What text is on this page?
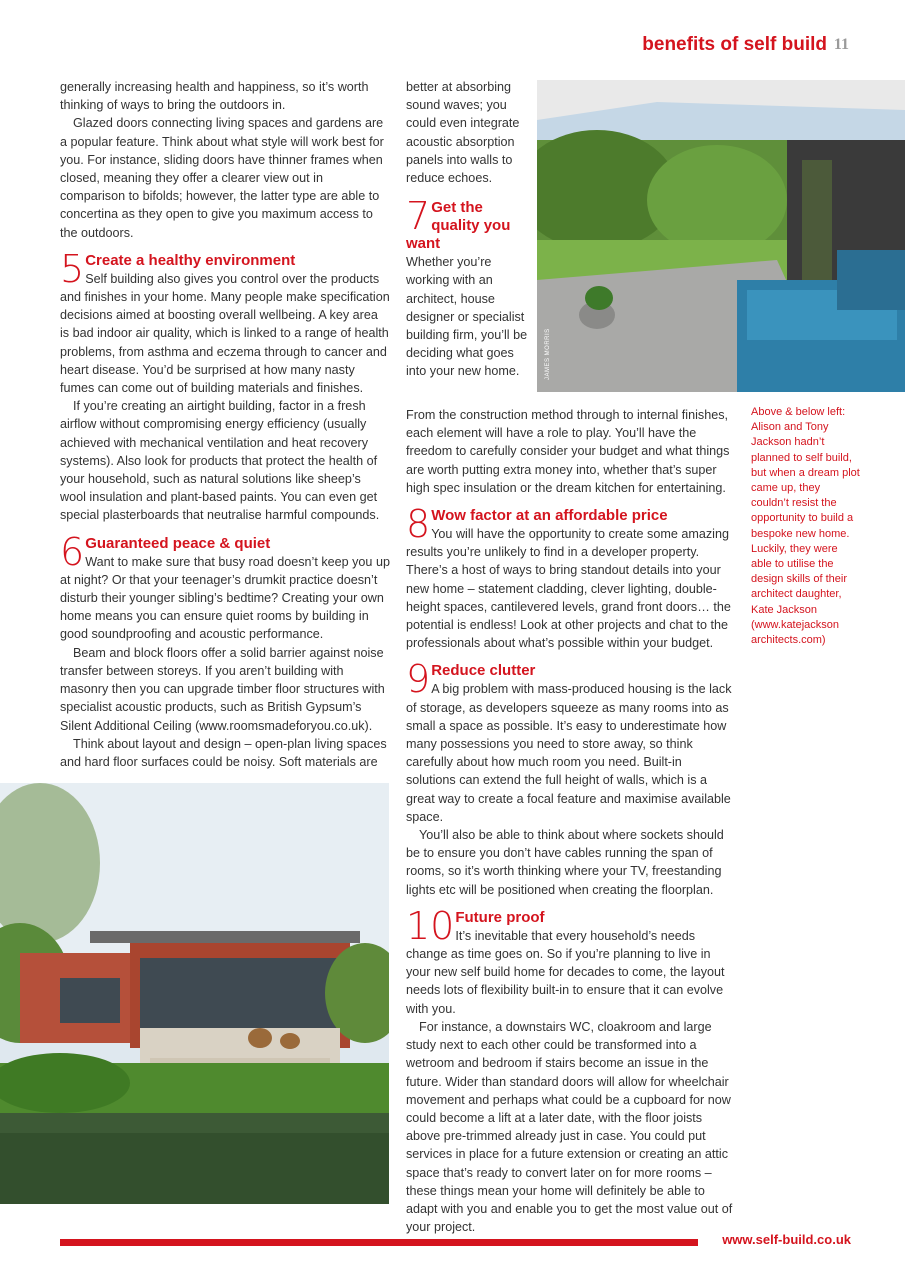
benefits of self build 11

generally increasing health and happiness, so it’s worth thinking of ways to bring the outdoors in.

Glazed doors connecting living spaces and gardens are a popular feature. Think about what style will work best for you. For instance, sliding doors have thinner frames when closed, meaning they offer a clearer view out in comparison to bifolds; however, the latter type are able to concertina as they open to give you maximum access to the outdoors.

5 Create a healthy environment

Self building also gives you control over the products and finishes in your home. Many people make specification decisions aimed at boosting overall wellbeing. A key area is bad indoor air quality, which is linked to a range of health problems, from asthma and eczema through to cancer and heart disease. You’d be surprised at how many nasty fumes can come out of building materials and finishes.

If you’re creating an airtight building, factor in a fresh airflow without compromising energy efficiency (usually achieved with mechanical ventilation and heat recovery systems). Also look for products that protect the health of your household, such as natural solutions like sheep’s wool insulation and plant-based paints. You can even get special plasterboards that neutralise harmful compounds.

6 Guaranteed peace & quiet

Want to make sure that busy road doesn’t keep you up at night? Or that your teenager’s drumkit practice doesn’t disturb their younger sibling’s bedtime? Creating your own home means you can ensure quiet rooms by building in good soundproofing and acoustic performance.

Beam and block floors offer a solid barrier against noise transfer between storeys. If you aren’t building with masonry then you can upgrade timber floor structures with specialist acoustic products, such as British Gypsum’s Silent Additional Ceiling (www.roomsmadeforyou.co.uk).

Think about layout and design – open-plan living spaces and hard floor surfaces could be noisy. Soft materials are

better at absorbing sound waves; you could even integrate acoustic absorption panels into walls to reduce echoes.

7 Get the quality you want

Whether you’re working with an architect, house designer or specialist building firm, you’ll be deciding what goes into your new home.

From the construction method through to internal finishes, each element will have a role to play. You’ll have the freedom to carefully consider your budget and what things are worth putting extra money into, whether that’s super high spec insulation or the dream kitchen for entertaining.

8 Wow factor at an affordable price

You will have the opportunity to create some amazing results you’re unlikely to find in a developer property. There’s a host of ways to bring standout details into your new home – statement cladding, clever lighting, double-height spaces, cantilevered levels, grand front doors… the potential is endless! Look at other projects and chat to the professionals about what’s possible within your budget.

9 Reduce clutter

A big problem with mass-produced housing is the lack of storage, as developers squeeze as many rooms into as small a space as possible. It’s easy to underestimate how many possessions you need to store away, so think carefully about how much room you need. Built-in solutions can extend the full height of walls, which is a great way to create a focal feature and maximise available space.

You’ll also be able to think about where sockets should be to ensure you don’t have cables running the span of rooms, so it’s worth thinking where your TV, freestanding lights etc will be positioned when creating the floorplan.

10 Future proof

It’s inevitable that every household’s needs change as time goes on. So if you’re planning to live in your new self build home for decades to come, the layout needs lots of flexibility built-in to ensure that it can evolve with you.

For instance, a downstairs WC, cloakroom and large study next to each other could be transformed into a wetroom and bedroom if stairs become an issue in the future. Wider than standard doors will allow for wheelchair movement and perhaps what could be a cupboard for now could become a lift at a later date, with the floor joists above pre-trimmed already just in case. You could put services in place for a future extension or creating an attic space that’s ready to convert later on for more rooms – these things mean your home will definitely be able to adapt with you and enable you to get the most value out of your project.

JAMES MORRIS

Above & below left: Alison and Tony Jackson hadn’t planned to self build, but when a dream plot came up, they couldn’t resist the opportunity to build a bespoke new home. Luckily, they were able to utilise the design skills of their architect daughter, Kate Jackson (www.katejackson architects.com)

www.self-build.co.uk
